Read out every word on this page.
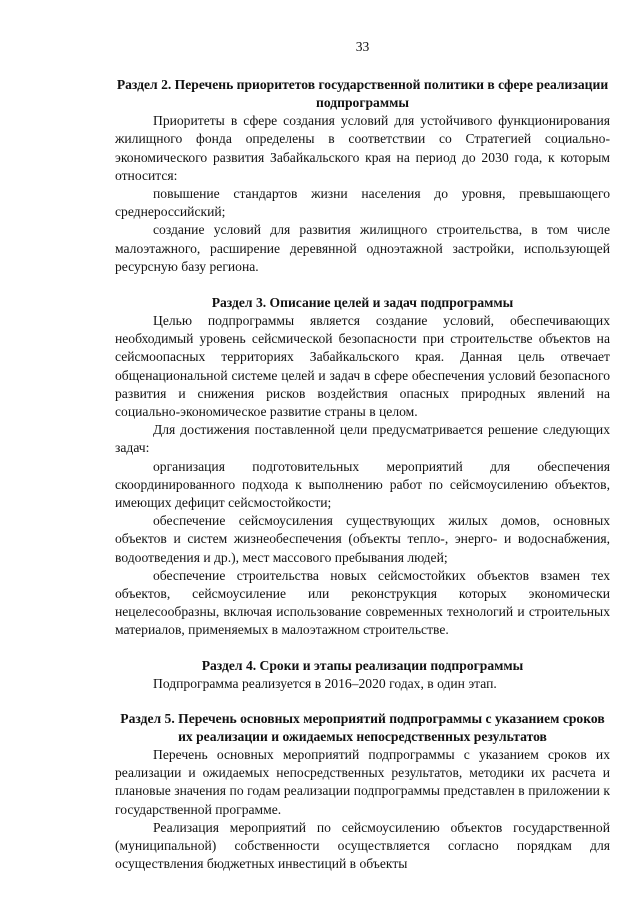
33
Раздел 2. Перечень приоритетов государственной политики в сфере реализации подпрограммы

Приоритеты в сфере создания условий для устойчивого функционирования жилищного фонда определены в соответствии со Стратегией социально-экономического развития Забайкальского края на период до 2030 года, к которым относится:

повышение стандартов жизни населения до уровня, превышающего среднероссийский;

создание условий для развития жилищного строительства, в том числе малоэтажного, расширение деревянной одноэтажной застройки, использующей ресурсную базу региона.

Раздел 3. Описание целей и задач подпрограммы

Целью подпрограммы является создание условий, обеспечивающих необходимый уровень сейсмической безопасности при строительстве объектов на сейсмоопасных территориях Забайкальского края. Данная цель отвечает общенациональной системе целей и задач в сфере обеспечения условий безопасного развития и снижения рисков воздействия опасных природных явлений на социально-экономическое развитие страны в целом.

Для достижения поставленной цели предусматривается решение следующих задач:

организация подготовительных мероприятий для обеспечения скоординированного подхода к выполнению работ по сейсмоусилению объектов, имеющих дефицит сейсмостойкости;

обеспечение сейсмоусиления существующих жилых домов, основных объектов и систем жизнеобеспечения (объекты тепло-, энерго- и водоснабжения, водоотведения и др.), мест массового пребывания людей;

обеспечение строительства новых сейсмостойких объектов взамен тех объектов, сейсмоусиление или реконструкция которых экономически нецелесообразны, включая использование современных технологий и строительных материалов, применяемых в малоэтажном строительстве.

Раздел 4. Сроки и этапы реализации подпрограммы

Подпрограмма реализуется в 2016–2020 годах, в один этап.

Раздел 5. Перечень основных мероприятий подпрограммы с указанием сроков их реализации и ожидаемых непосредственных результатов

Перечень основных мероприятий подпрограммы с указанием сроков их реализации и ожидаемых непосредственных результатов, методики их расчета и плановые значения по годам реализации подпрограммы представлен в приложении к государственной программе.

Реализация мероприятий по сейсмоусилению объектов государственной (муниципальной) собственности осуществляется согласно порядкам для осуществления бюджетных инвестиций в объекты
